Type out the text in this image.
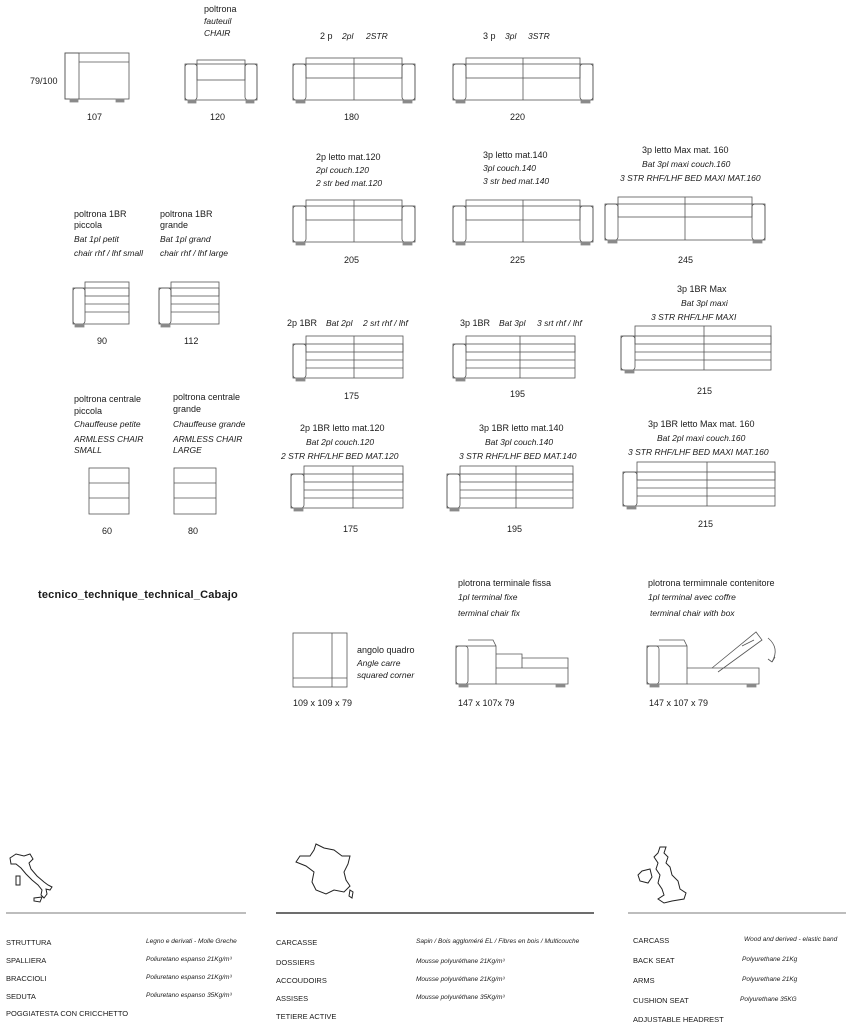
79/100
107
poltrona
fauteuil
CHAIR
120
2 p 2pl 2STR
180
3 p 3pl 3STR
220
2p letto mat.120
2pl couch.120
2 str bed mat.120
205
3p letto mat.140
3pl couch.140
3 str bed mat.140
225
3p letto Max mat. 160
Bat 3pl maxi couch.160
3 STR RHF/LHF BED MAXI MAT.160
245
poltrona 1BR
piccola
Bat 1pl petit
chair rhf / lhf small
90
poltrona 1BR
grande
Bat 1pl grand
chair rhf / lhf large
112
2p 1BR Bat 2pl 2 srt rhf / lhf
175
3p 1BR Bat 3pl 3 srt rhf / lhf
195
3p 1BR Max
Bat 3pl maxi
3 STR RHF/LHF MAXI
215
poltrona centrale
piccola
Chauffeuse petite
ARMLESS CHAIR
SMALL
60
poltrona centrale
grande
Chauffeuse grande
ARMLESS CHAIR
LARGE
80
2p 1BR letto mat.120
Bat 2pl couch.120
2 STR RHF/LHF BED MAT.120
175
3p 1BR letto mat.140
Bat 3pl couch.140
3 STR RHF/LHF BED MAT.140
195
3p 1BR letto Max mat. 160
Bat 2pl maxi couch.160
3 STR RHF/LHF BED MAXI MAT.160
215
tecnico_technique_technical_Cabajo
angolo quadro
Angle carre
squared corner
109 x 109 x 79
plotrona terminale fissa
1pl terminal fixe
terminal chair fix
147 x 107x 79
plotrona termimnale contenitore
1pl terminal avec coffre
terminal chair with box
147 x 107 x 79
STRUTTURA	Legno e derivati - Molle Greche
SPALLIERA	Poliuretano espanso 21Kg/m³
BRACCIOLI	Poliuretano espanso 21Kg/m³
SEDUTA	Poliuretano espanso 35Kg/m³
POGGIATESTA CON CRICCHETTO
CARCASSE	Sapin / Bois aggloméré EL / Fibres en bois / Multicouche
DOSSIERS	Mousse polyuréthane 21Kg/m³
ACCOUDOIRS	Mousse polyuréthane 21Kg/m³
ASSISES	Mousse polyuréthane 35Kg/m³
TETIERE ACTIVE
CARCASS	Wood and derived - elastic band
BACK SEAT	Polyurethane 21Kg
ARMS	Polyurethane 21Kg
CUSHION SEAT	Polyurethane 35KG
ADJUSTABLE HEADREST
